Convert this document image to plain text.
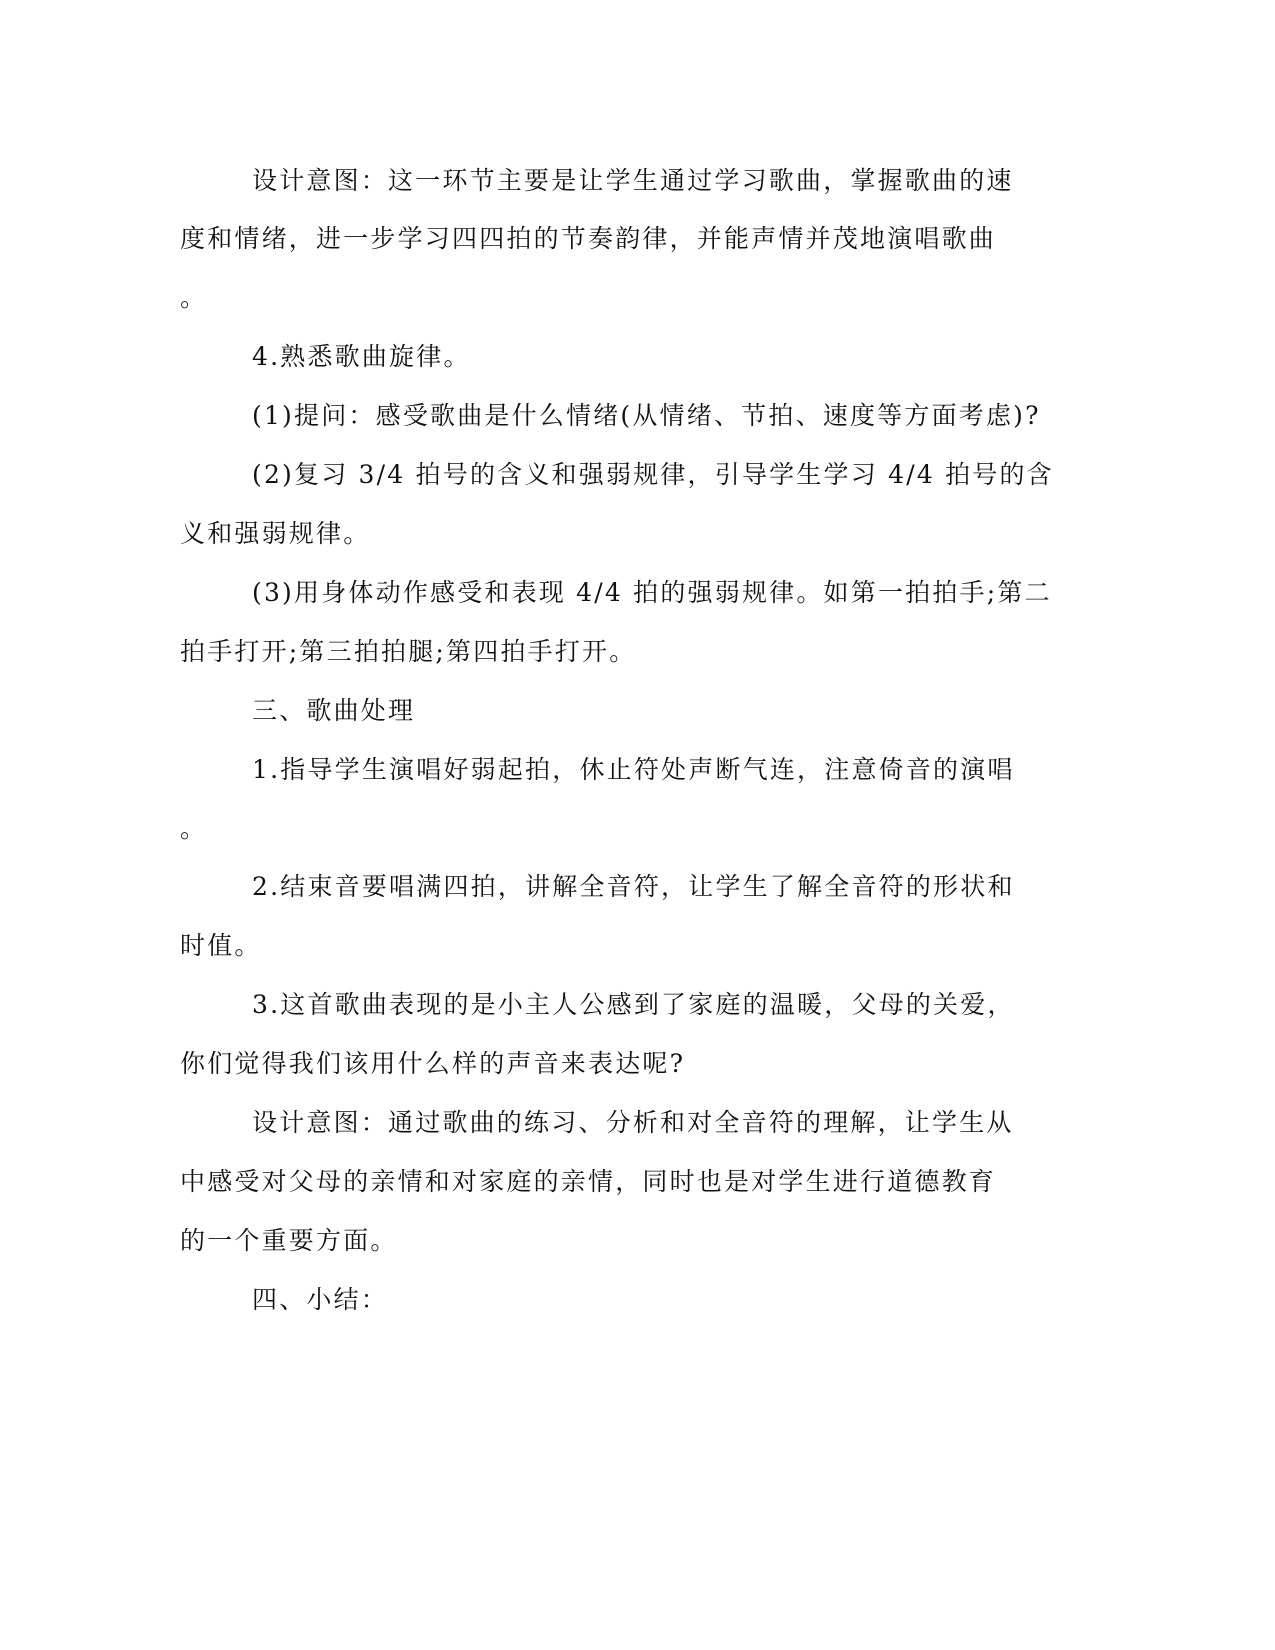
设计意图：这一环节主要是让学生通过学习歌曲，掌握歌曲的速
度和情绪，进一步学习四四拍的节奏韵律，并能声情并茂地演唱歌曲
。
4.熟悉歌曲旋律。
(1)提问：感受歌曲是什么情绪(从情绪、节拍、速度等方面考虑)?
(2)复习 3/4 拍号的含义和强弱规律，引导学生学习 4/4 拍号的含
义和强弱规律。
(3)用身体动作感受和表现 4/4 拍的强弱规律。如第一拍拍手;第二
拍手打开;第三拍拍腿;第四拍手打开。
三、歌曲处理
1.指导学生演唱好弱起拍，休止符处声断气连，注意倚音的演唱
。
2.结束音要唱满四拍，讲解全音符，让学生了解全音符的形状和
时值。
3.这首歌曲表现的是小主人公感到了家庭的温暖，父母的关爱，
你们觉得我们该用什么样的声音来表达呢?
设计意图：通过歌曲的练习、分析和对全音符的理解，让学生从
中感受对父母的亲情和对家庭的亲情，同时也是对学生进行道德教育
的一个重要方面。
四、小结：
